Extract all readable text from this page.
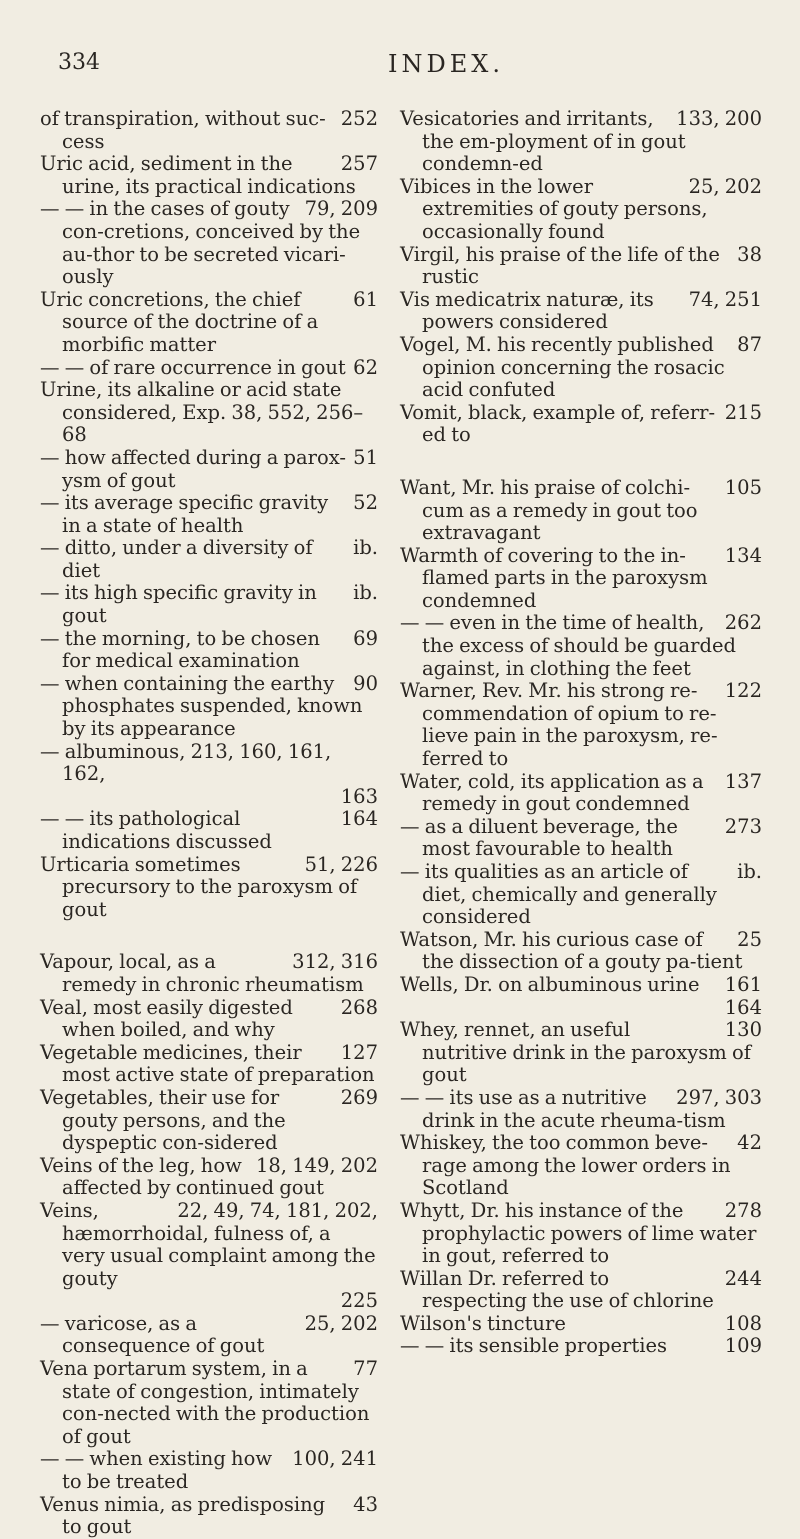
334	INDEX.
252
of transpiration, without suc-cess
257
Uric acid, sediment in the urine, its practical indications
79, 209
— — in the cases of gouty con-cretions, conceived by the au-thor to be secreted vicari-ously
61
Uric concretions, the chief source of the doctrine of a morbific matter
62
— — of rare occurrence in gout
Urine, its alkaline or acid state considered, Exp. 38, 552, 256–68
51
— how affected during a parox-ysm of gout
52
— its average specific gravity in a state of health
ib.
— ditto, under a diversity of diet
ib.
— its high specific gravity in gout
69
— the morning, to be chosen for medical examination
90
— when containing the earthy phosphates suspended, known by its appearance
— albuminous, 213, 160, 161, 162,
163
164
— — its pathological indications discussed
51, 226
Urticaria sometimes precursory to the paroxysm of gout
312, 316
Vapour, local, as a remedy in chronic rheumatism
268
Veal, most easily digested when boiled, and why
127
Vegetable medicines, their most active state of preparation
269
Vegetables, their use for gouty persons, and the dyspeptic con-sidered
18, 149, 202
Veins of the leg, how affected by continued gout
22, 49, 74, 181, 202,
Veins, hæmorrhoidal, fulness of, a very usual complaint among the gouty
225
25, 202
— varicose, as a consequence of gout
77
Vena portarum system, in a state of congestion, intimately con-nected with the production of gout
100, 241
— — when existing how to be treated
43
Venus nimia, as predisposing to gout
133, 200
Vesicatories and irritants, the em-ployment of in gout condemn-ed
25, 202
Vibices in the lower extremities of gouty persons, occasionally found
38
Virgil, his praise of the life of the rustic
74, 251
Vis medicatrix naturæ, its powers considered
87
Vogel, M. his recently published opinion concerning the rosacic acid confuted
215
Vomit, black, example of, referr-ed to
105
Want, Mr. his praise of colchi-cum as a remedy in gout too extravagant
134
Warmth of covering to the in-flamed parts in the paroxysm condemned
262
— — even in the time of health, the excess of should be guarded against, in clothing the feet
122
Warner, Rev. Mr. his strong re-commendation of opium to re-lieve pain in the paroxysm, re-ferred to
137
Water, cold, its application as a remedy in gout condemned
273
— as a diluent beverage, the most favourable to health
ib.
— its qualities as an article of diet, chemically and generally considered
25
Watson, Mr. his curious case of the dissection of a gouty pa-tient
161
Wells, Dr. on albuminous urine
164
130
Whey, rennet, an useful nutritive drink in the paroxysm of gout
297, 303
— — its use as a nutritive drink in the acute rheuma-tism
42
Whiskey, the too common beve-rage among the lower orders in Scotland
278
Whytt, Dr. his instance of the prophylactic powers of lime water in gout, referred to
244
Willan Dr. referred to respecting the use of chlorine
108
Wilson's tincture
109
— — its sensible properties
